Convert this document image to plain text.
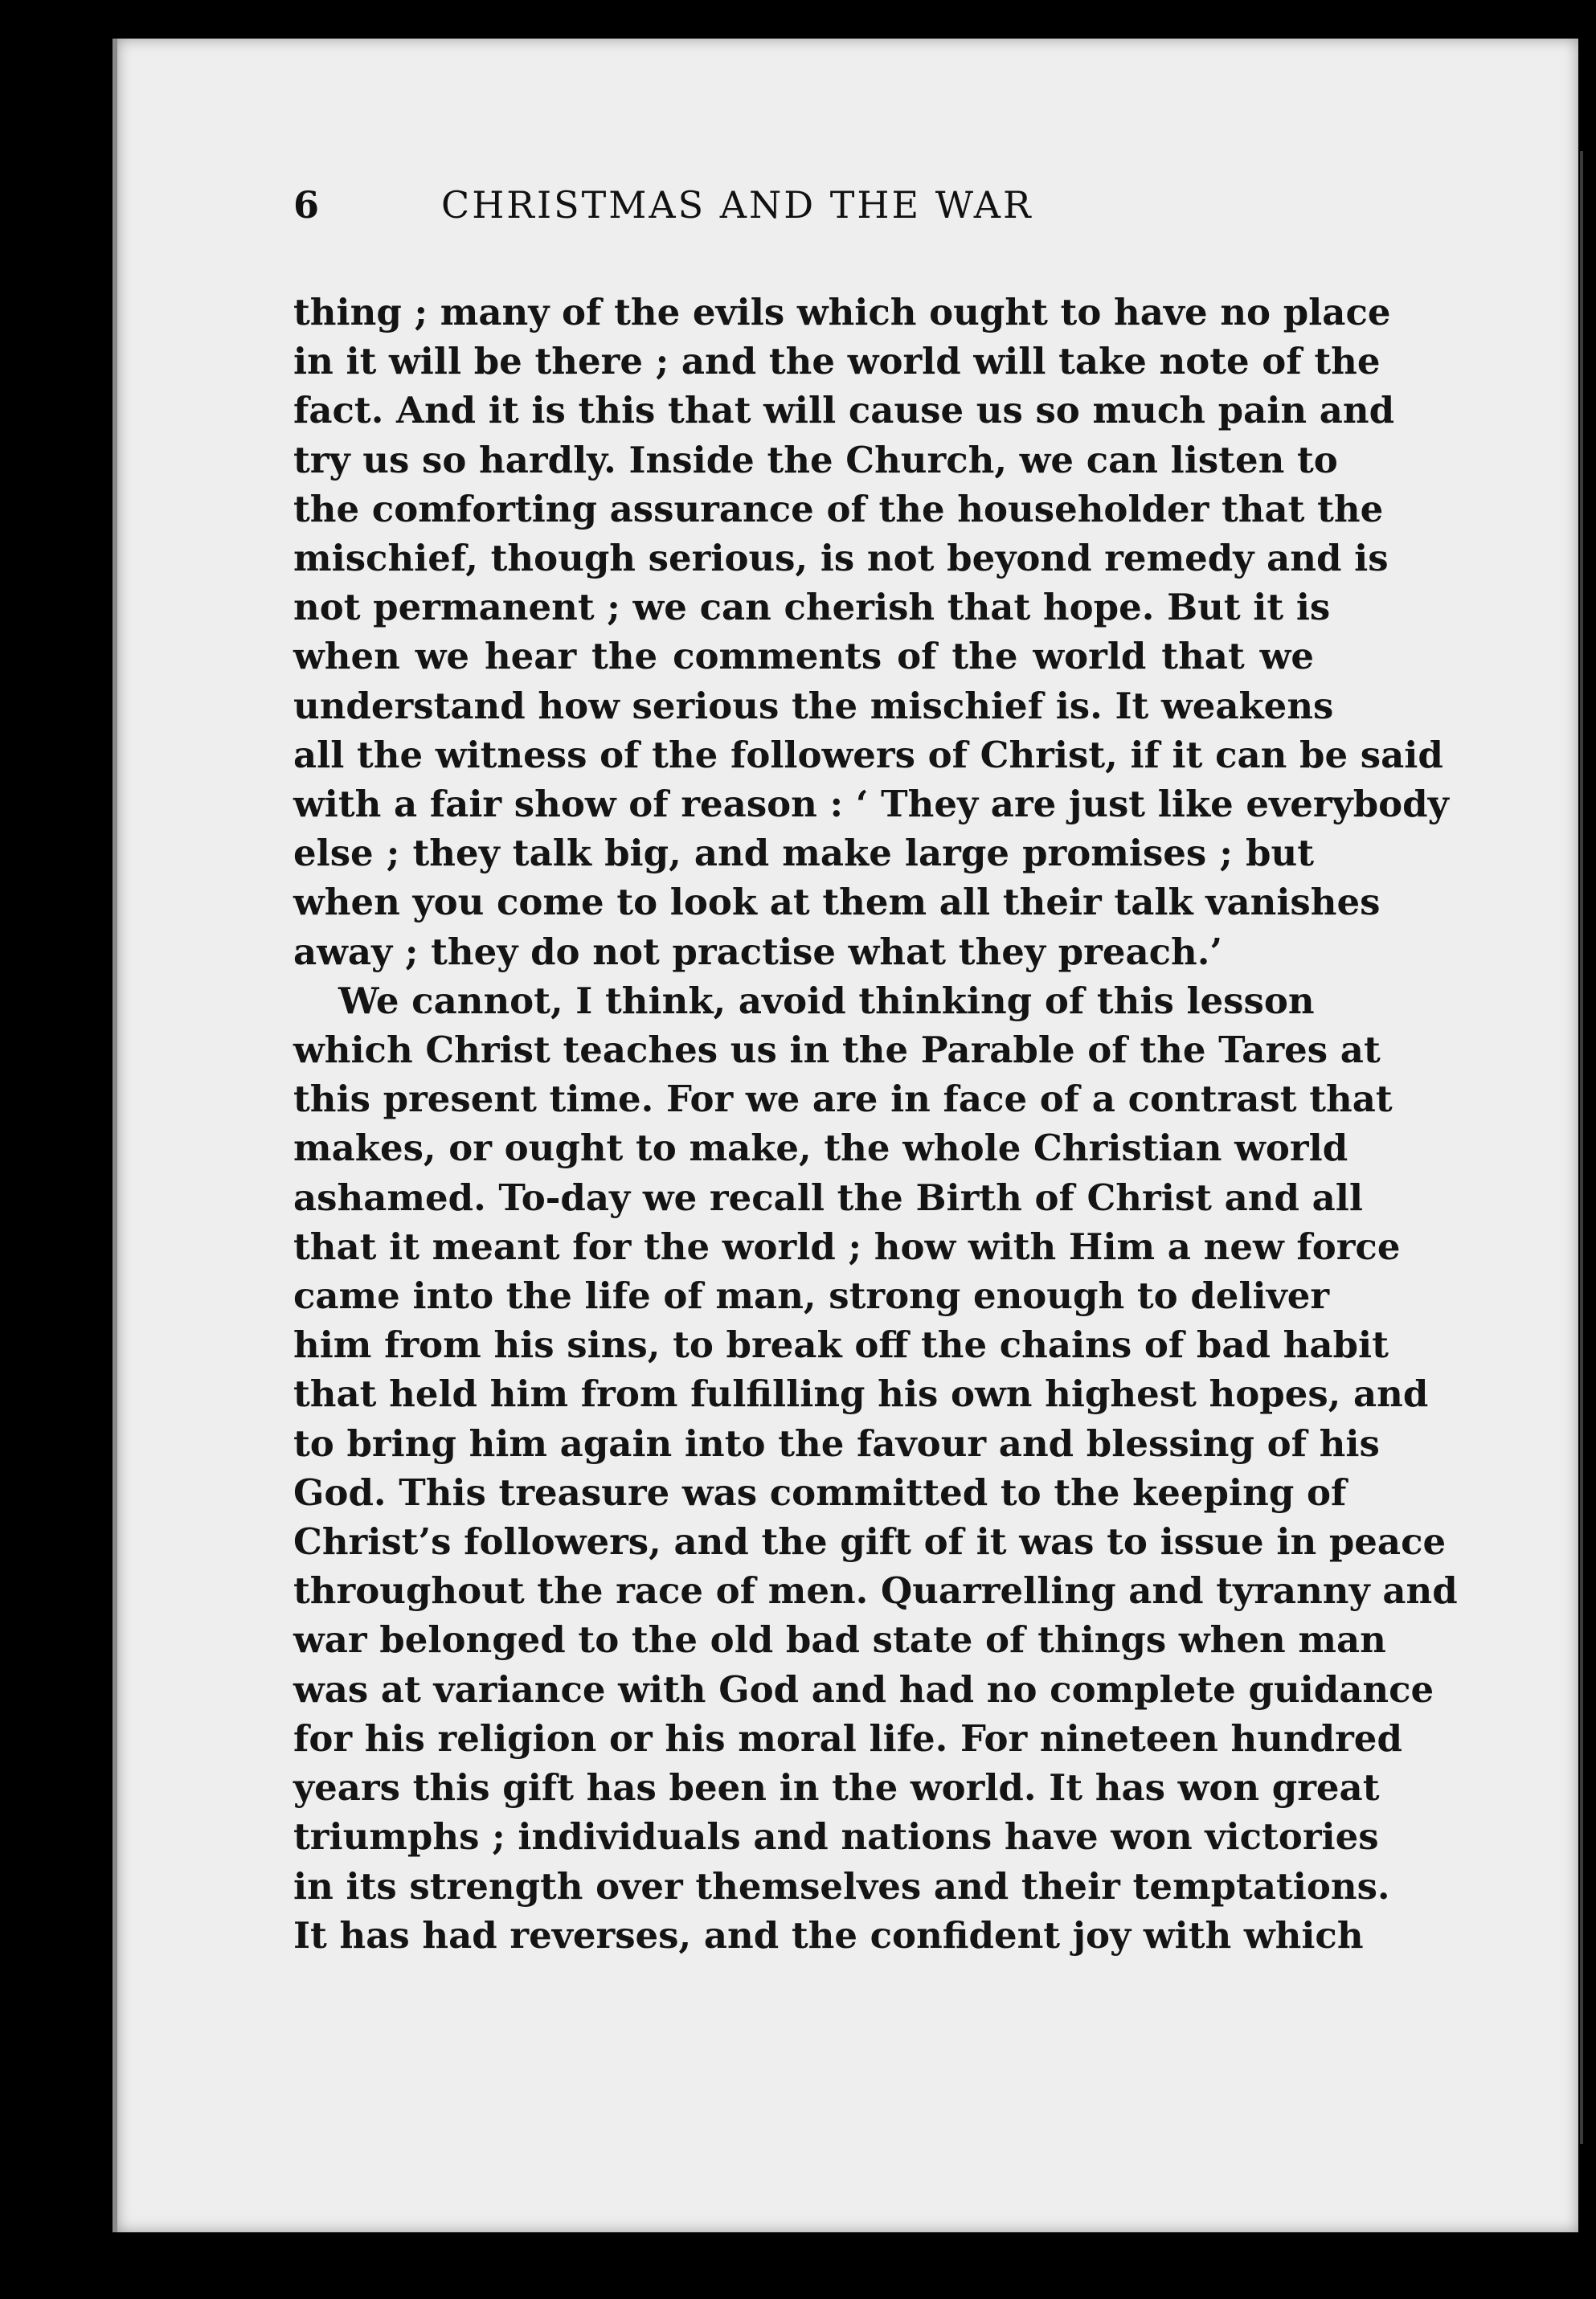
6	CHRISTMAS AND THE WAR
thing ; many of the evils which ought to have no place
in it will be there ; and the world will take note of the
fact. And it is this that will cause us so much pain and
try us so hardly. Inside the Church, we can listen to
the comforting assurance of the householder that the
mischief, though serious, is not beyond remedy and is
not permanent ; we can cherish that hope. But it is
when we hear the comments of the world that we
understand how serious the mischief is. It weakens
all the witness of the followers of Christ, if it can be said
with a fair show of reason : ‘ They are just like everybody
else ; they talk big, and make large promises ; but
when you come to look at them all their talk vanishes
away ; they do not practise what they preach.’
We cannot, I think, avoid thinking of this lesson
which Christ teaches us in the Parable of the Tares at
this present time. For we are in face of a contrast that
makes, or ought to make, the whole Christian world
ashamed. To-day we recall the Birth of Christ and all
that it meant for the world ; how with Him a new force
came into the life of man, strong enough to deliver
him from his sins, to break off the chains of bad habit
that held him from fulfilling his own highest hopes, and
to bring him again into the favour and blessing of his
God. This treasure was committed to the keeping of
Christ’s followers, and the gift of it was to issue in peace
throughout the race of men. Quarrelling and tyranny and
war belonged to the old bad state of things when man
was at variance with God and had no complete guidance
for his religion or his moral life. For nineteen hundred
years this gift has been in the world. It has won great
triumphs ; individuals and nations have won victories
in its strength over themselves and their temptations.
It has had reverses, and the confident joy with which
